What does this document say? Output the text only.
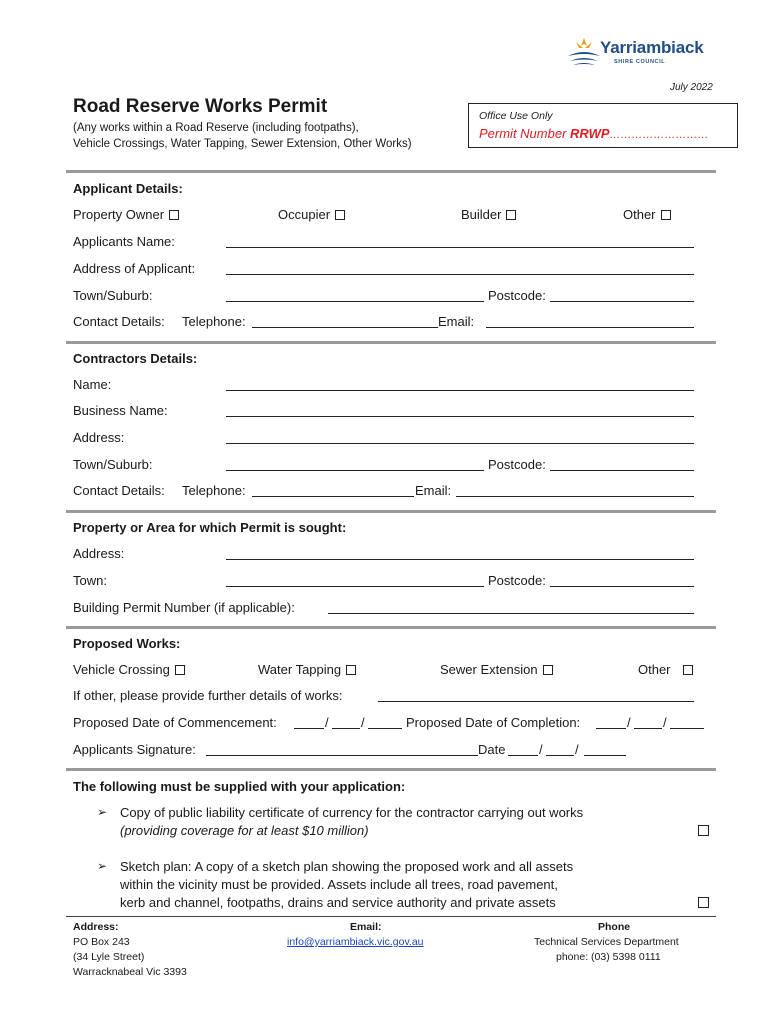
Yarriambiack
SHIRE COUNCIL
July 2022
Road Reserve Works Permit
(Any works within a Road Reserve (including footpaths),
Vehicle Crossings, Water Tapping, Sewer Extension, Other Works)
Office Use Only
Permit Number RRWP………………………
Applicant Details:
Property Owner	Occupier	Builder	Other
Applicants Name:
Address of Applicant:
Town/Suburb:	Postcode:
Contact Details: Telephone:	Email:
Contractors Details:
Name:
Business Name:
Address:
Town/Suburb:	Postcode:
Contact Details: Telephone:	Email:
Property or Area for which Permit is sought:
Address:
Town:	Postcode:
Building Permit Number (if applicable):
Proposed Works:
Vehicle Crossing	Water Tapping	Sewer Extension	Other
If other, please provide further details of works:
Proposed Date of Commencement:	/ /	Proposed Date of Completion:	/ /
Applicants Signature:	Date	/ /
The following must be supplied with your application:
➢ Copy of public liability certificate of currency for the contractor carrying out works
(providing coverage for at least $10 million)
➢ Sketch plan: A copy of a sketch plan showing the proposed work and all assets
within the vicinity must be provided. Assets include all trees, road pavement,
kerb and channel, footpaths, drains and service authority and private assets
Address:
PO Box 243
(34 Lyle Street)
Warracknabeal Vic 3393
Email:
info@yarriambiack.vic.gov.au
Phone
Technical Services Department
phone: (03) 5398 0111
